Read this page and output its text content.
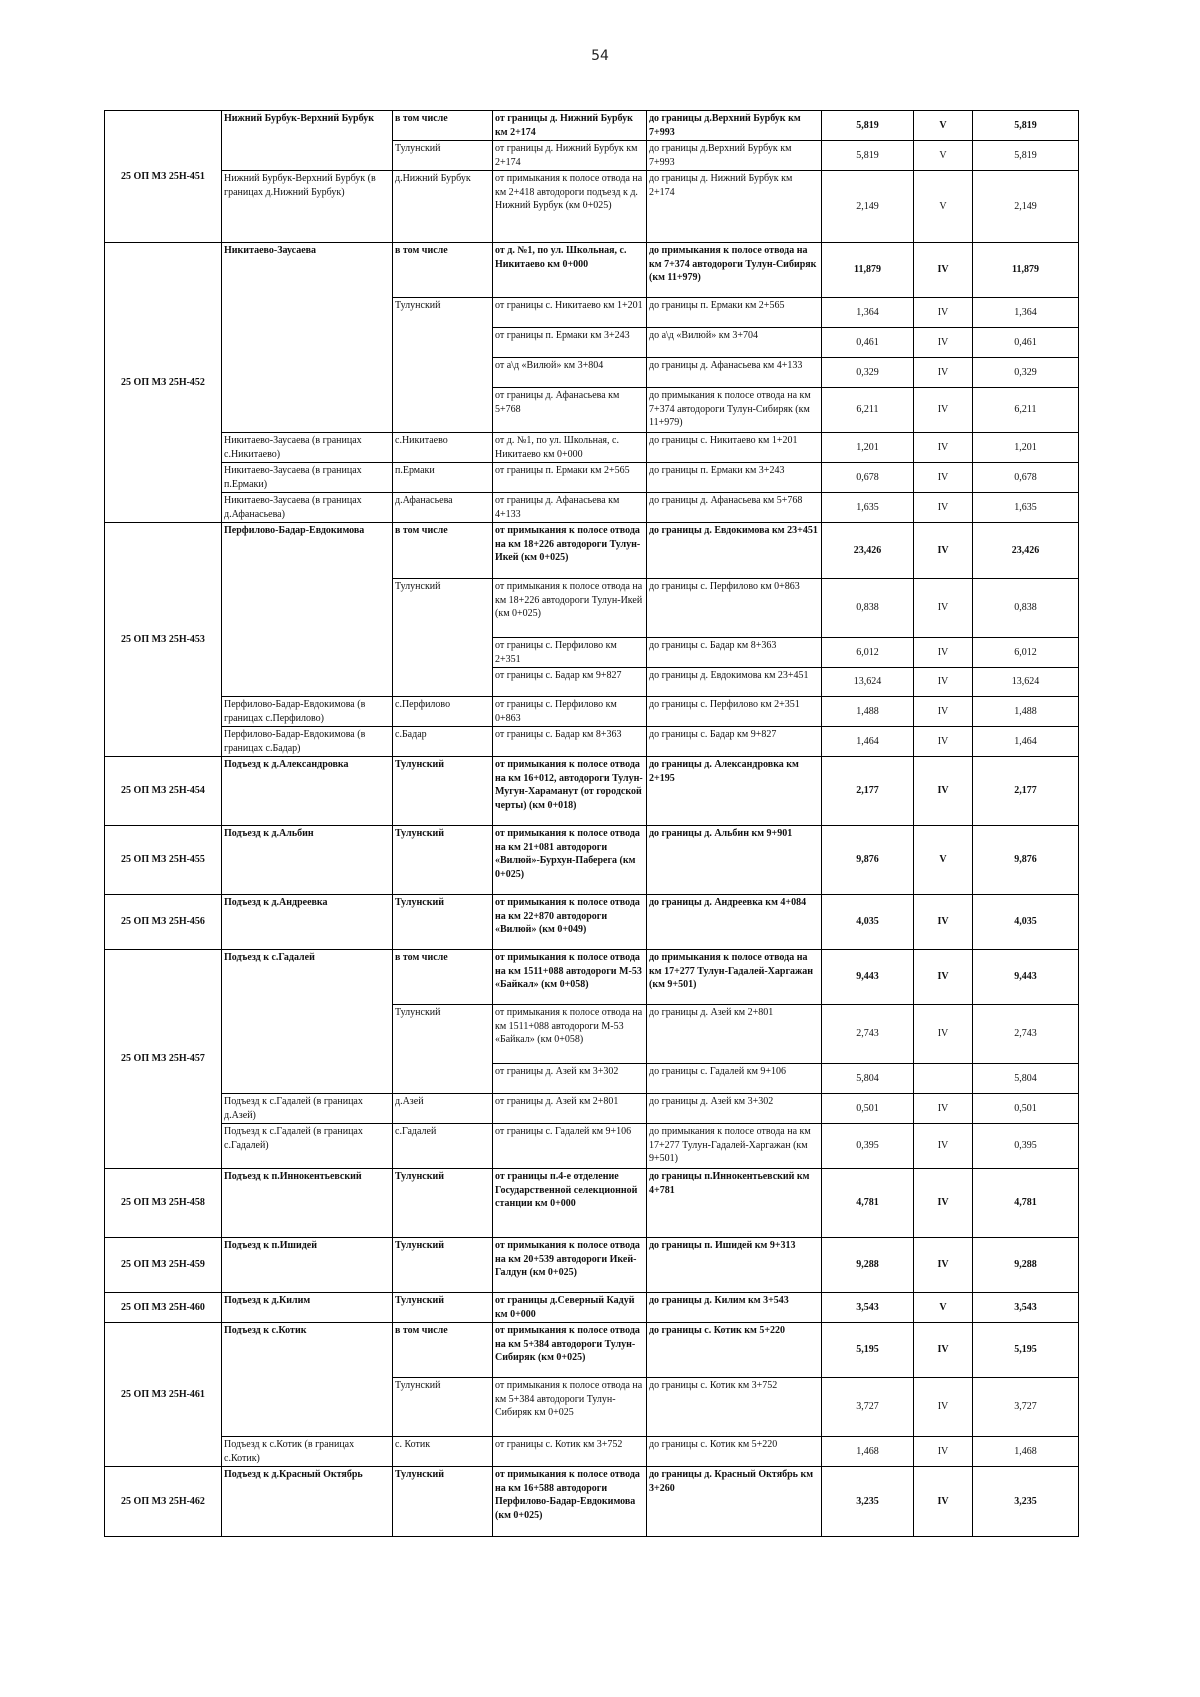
54
25 ОП МЗ 25Н-451	Нижний Бурбук-Верхний Бурбук	в том числе	от границы д. Нижний Бурбук км 2+174	до границы д.Верхний Бурбук км 7+993	5,819	V	5,819
		Тулунский	от границы д. Нижний Бурбук км 2+174	до границы д.Верхний Бурбук км 7+993	5,819	V	5,819
	Нижний Бурбук-Верхний Бурбук (в границах д.Нижний Бурбук)	д.Нижний Бурбук	от примыкания к полосе отвода на км 2+418 автодороги подъезд к д. Нижний Бурбук (км 0+025)	до границы д. Нижний Бурбук км 2+174	2,149	V	2,149
25 ОП МЗ 25Н-452	Никитаево-Заусаева	в том числе	от д. №1, по ул. Школьная, с. Никитаево км 0+000	до примыкания к полосе отвода на км 7+374 автодороги Тулун-Сибиряк (км 11+979)	11,879	IV	11,879
		Тулунский	от границы с. Никитаево км 1+201	до границы п. Ермаки км 2+565	1,364	IV	1,364
			от границы п. Ермаки км 3+243	до а\д «Вилюй» км 3+704	0,461	IV	0,461
			от а\д «Вилюй» км 3+804	до границы д. Афанасьева км 4+133	0,329	IV	0,329
			от границы д. Афанасьева км 5+768	до примыкания к полосе отвода на км 7+374 автодороги Тулун-Сибиряк (км 11+979)	6,211	IV	6,211
	Никитаево-Заусаева (в границах с.Никитаево)	с.Никитаево	от д. №1, по ул. Школьная, с. Никитаево км 0+000	до границы с. Никитаево км 1+201	1,201	IV	1,201
	Никитаево-Заусаева (в границах п.Ермаки)	п.Ермаки	от границы п. Ермаки км 2+565	до границы п. Ермаки км 3+243	0,678	IV	0,678
	Никитаево-Заусаева (в границах д.Афанасьева)	д.Афанасьева	от границы д. Афанасьева км 4+133	до границы д. Афанасьева км 5+768	1,635	IV	1,635
25 ОП МЗ 25Н-453	Перфилово-Бадар-Евдокимова	в том числе	от примыкания к полосе отвода на км 18+226 автодороги Тулун-Икей (км 0+025)	до границы д. Евдокимова км 23+451	23,426	IV	23,426
		Тулунский	от примыкания к полосе отвода на км 18+226 автодороги Тулун-Икей (км 0+025)	до границы с. Перфилово км 0+863	0,838	IV	0,838
			от границы с. Перфилово км 2+351	до границы с. Бадар км 8+363	6,012	IV	6,012
			от границы с. Бадар км 9+827	до границы д. Евдокимова км 23+451	13,624	IV	13,624
	Перфилово-Бадар-Евдокимова (в границах с.Перфилово)	с.Перфилово	от границы с. Перфилово км 0+863	до границы с. Перфилово км 2+351	1,488	IV	1,488
	Перфилово-Бадар-Евдокимова (в границах с.Бадар)	с.Бадар	от границы с. Бадар км 8+363	до границы с. Бадар км 9+827	1,464	IV	1,464
25 ОП МЗ 25Н-454	Подъезд к д.Александровка	Тулунский	от примыкания к полосе отвода на км 16+012, автодороги Тулун-Мугун-Хараманут (от городской черты) (км 0+018)	до границы д. Александровка км 2+195	2,177	IV	2,177
25 ОП МЗ 25Н-455	Подъезд к д.Альбин	Тулунский	от примыкания к полосе отвода на км 21+081 автодороги «Вилюй»-Бурхун-Паберега (км 0+025)	до границы д. Альбин км 9+901	9,876	V	9,876
25 ОП МЗ 25Н-456	Подъезд к д.Андреевка	Тулунский	от примыкания к полосе отвода на км 22+870 автодороги «Вилюй» (км 0+049)	до границы д. Андреевка км 4+084	4,035	IV	4,035
25 ОП МЗ 25Н-457	Подъезд к с.Гадалей	в том числе	от примыкания к полосе отвода на км 1511+088 автодороги М-53 «Байкал» (км 0+058)	до примыкания к полосе отвода на км 17+277 Тулун-Гадалей-Харгажан (км 9+501)	9,443	IV	9,443
		Тулунский	от примыкания к полосе отвода на км 1511+088 автодороги М-53 «Байкал» (км 0+058)	до границы д. Азей км 2+801	2,743	IV	2,743
			от границы д. Азей км 3+302	до границы с. Гадалей км 9+106	5,804		5,804
	Подъезд к с.Гадалей (в границах д.Азей)	д.Азей	от границы д. Азей км 2+801	до границы д. Азей км 3+302	0,501	IV	0,501
	Подъезд к с.Гадалей (в границах с.Гадалей)	с.Гадалей	от границы с. Гадалей км 9+106	до примыкания к полосе отвода на км 17+277 Тулун-Гадалей-Харгажан (км 9+501)	0,395	IV	0,395
25 ОП МЗ 25Н-458	Подъезд к п.Иннокентьевский	Тулунский	от границы п.4-е отделение Государственной селекционной станции км 0+000	до границы п.Иннокентьевский км 4+781	4,781	IV	4,781
25 ОП МЗ 25Н-459	Подъезд к п.Ишидей	Тулунский	от примыкания к полосе отвода на км 20+539 автодороги Икей-Галдун (км 0+025)	до границы п. Ишидей км 9+313	9,288	IV	9,288
25 ОП МЗ 25Н-460	Подъезд к д.Килим	Тулунский	от границы д.Северный Кадуй км 0+000	до границы д. Килим км 3+543	3,543	V	3,543
25 ОП МЗ 25Н-461	Подъезд к с.Котик	в том числе	от примыкания к полосе отвода на км 5+384 автодороги Тулун-Сибиряк (км 0+025)	до границы с. Котик км 5+220	5,195	IV	5,195
		Тулунский	от примыкания к полосе отвода на км 5+384 автодороги Тулун-Сибиряк км 0+025	до границы с. Котик км 3+752	3,727	IV	3,727
	Подъезд к с.Котик (в границах с.Котик)	с. Котик	от границы с. Котик км 3+752	до границы с. Котик км 5+220	1,468	IV	1,468
25 ОП МЗ 25Н-462	Подъезд к д.Красный Октябрь	Тулунский	от примыкания к полосе отвода на км 16+588 автодороги Перфилово-Бадар-Евдокимова (км 0+025)	до границы д. Красный Октябрь км 3+260	3,235	IV	3,235
